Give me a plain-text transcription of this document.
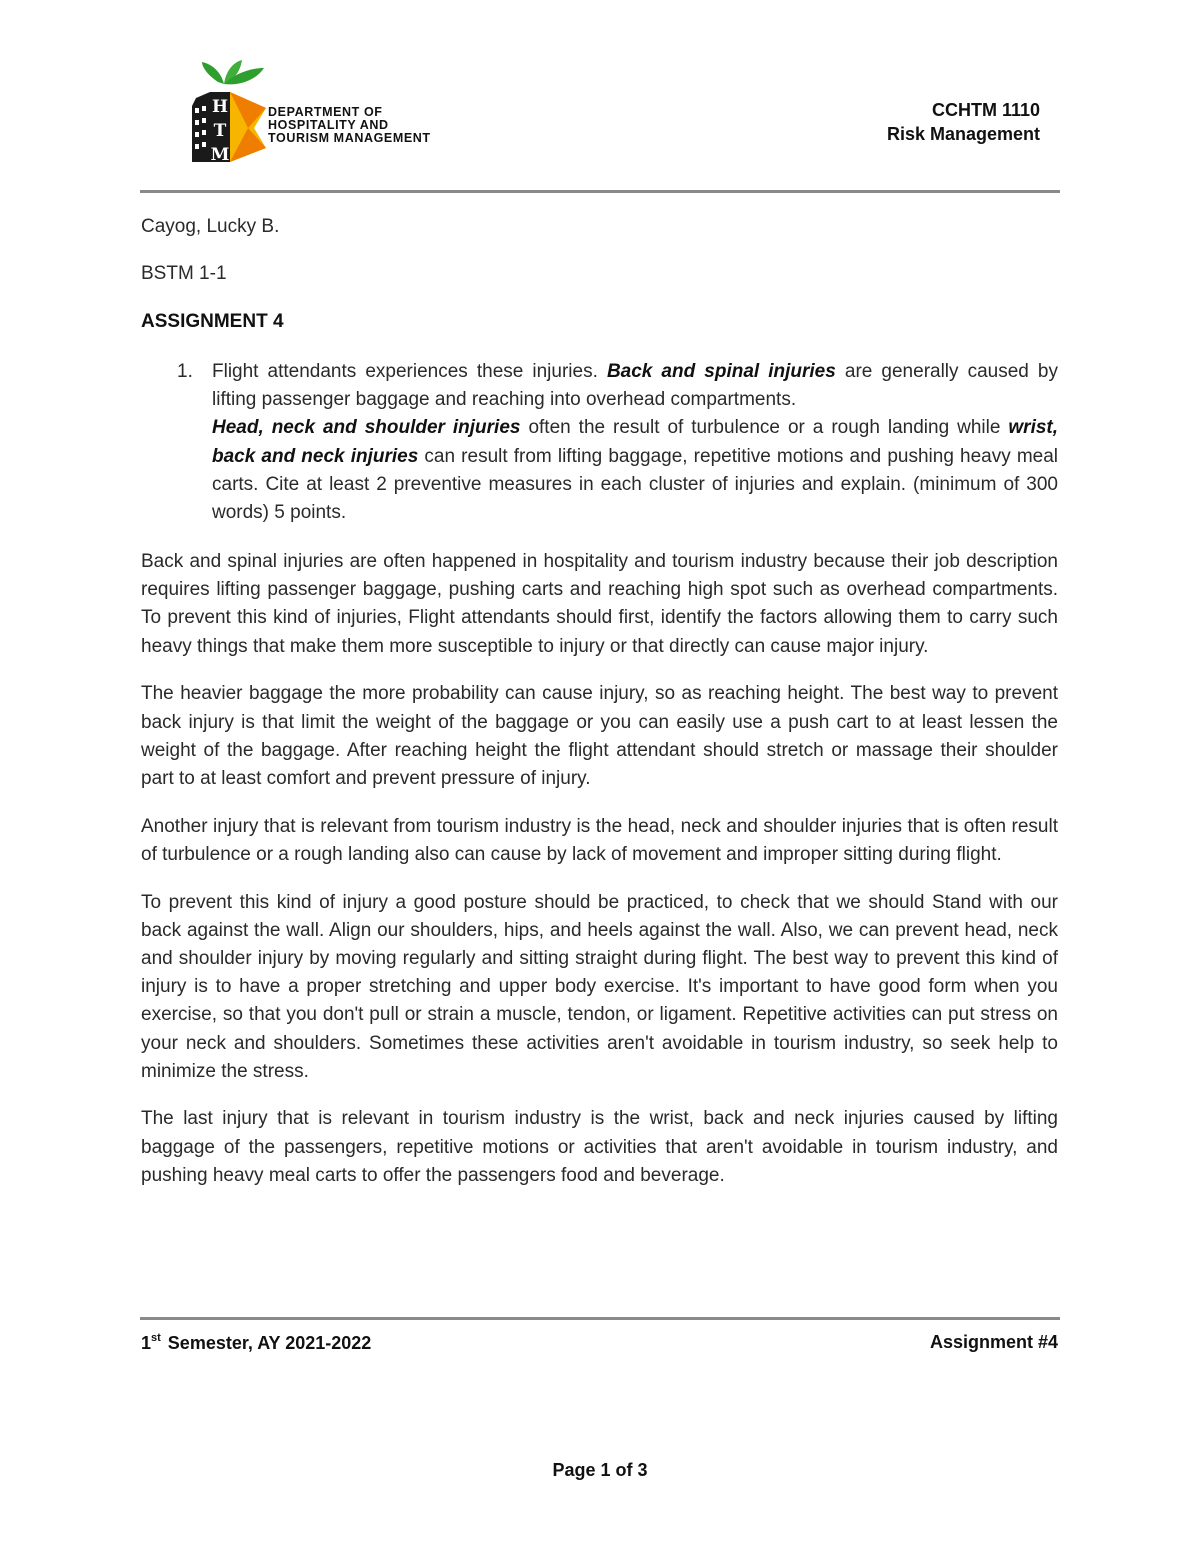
H
T
M
DEPARTMENT OF
HOSPITALITY AND
TOURISM MANAGEMENT
CCHTM 1110
Risk Management
Cayog, Lucky B.
BSTM 1-1
ASSIGNMENT 4
1. Flight attendants experiences these injuries. Back and spinal injuries are generally caused by lifting passenger baggage and reaching into overhead compartments.
Head, neck and shoulder injuries often the result of turbulence or a rough landing while wrist, back and neck injuries can result from lifting baggage, repetitive motions and pushing heavy meal carts. Cite at least 2 preventive measures in each cluster of injuries and explain. (minimum of 300 words) 5 points.

Back and spinal injuries are often happened in hospitality and tourism industry because their job description requires lifting passenger baggage, pushing carts and reaching high spot such as overhead compartments. To prevent this kind of injuries, Flight attendants should first, identify the factors allowing them to carry such heavy things that make them more susceptible to injury or that directly can cause major injury.

The heavier baggage the more probability can cause injury, so as reaching height. The best way to prevent back injury is that limit the weight of the baggage or you can easily use a push cart to at least lessen the weight of the baggage. After reaching height the flight attendant should stretch or massage their shoulder part to at least comfort and prevent pressure of injury.

Another injury that is relevant from tourism industry is the head, neck and shoulder injuries that is often result of turbulence or a rough landing also can cause by lack of movement and improper sitting during flight.

To prevent this kind of injury a good posture should be practiced, to check that we should Stand with our back against the wall. Align our shoulders, hips, and heels against the wall. Also, we can prevent head, neck and shoulder injury by moving regularly and sitting straight during flight. The best way to prevent this kind of injury is to have a proper stretching and upper body exercise. It's important to have good form when you exercise, so that you don't pull or strain a muscle, tendon, or ligament. Repetitive activities can put stress on your neck and shoulders. Sometimes these activities aren't avoidable in tourism industry, so seek help to minimize the stress.

The last injury that is relevant in tourism industry is the wrist, back and neck injuries caused by lifting baggage of the passengers, repetitive motions or activities that aren't avoidable in tourism industry, and pushing heavy meal carts to offer the passengers food and beverage.

1st Semester, AY 2021-2022	Assignment #4
Page 1 of 3
